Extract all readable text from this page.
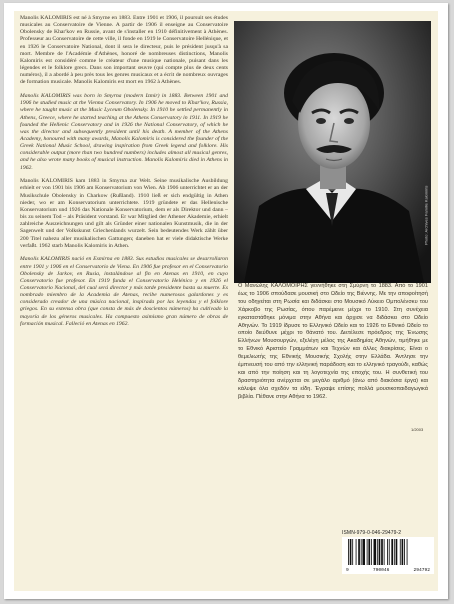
Manolis KALOMIRIS est né à Smyrne en 1883. Entre 1901 et 1906, il poursuit ses études musicales au Conservatoire de Vienne. A partir de 1906 il enseigne au Conservatoire Obolensky de Khar'kov en Russie, avant de s'installer en 1910 définitivement à Athènes. Professeur au Conservatoire de cette ville, il fonde en 1919 le Conservatoire Hellénique, et en 1926 le Conservatoire National, dont il sera le directeur, puis le président jusqu'à sa mort. Membre de l'Académie d'Athènes, honoré de nombreuses distinctions, Manolis Kalomiris est considéré comme le créateur d'une musique nationale, puisant dans les légendes et le folklore grecs. Dans son important œuvre (qui compte plus de deux cents numéros), il a abordé à peu près tous les genres musicaux et a écrit de nombreux ouvrages de formation musicale. Manolis Kalomiris est mort en 1962 à Athènes.

Manolis KALOMIRIS was born in Smyrna (modern Izmir) in 1883. Between 1901 and 1906 he studied music at the Vienna Conservatory. In 1906 he moved to Khar'kov, Russia, where he taught music at the Music Lyceum Obolensky. In 1910 he settled permanently in Athens, Greece, where he started teaching at the Athens Conservatory in 1911. In 1919 he founded the Hellenic Conservatory and in 1926 the National Conservatory, of which he was the director and subsequently president until his death. A member of the Athens Academy, honoured with many awards, Manolis Kalomiris is considered the founder of the Greek National Music School, drawing inspiration from Greek legend and folklore. His considerable output (more than two hundred numbers) includes almost all musical genres, and he also wrote many books of musical instruction. Manolis Kalomiris died in Athens in 1962.

Manolis KALOMIRIS kam 1883 in Smyrna zur Welt. Seine musikalische Ausbildung erhielt er von 1901 bis 1906 am Konservatorium von Wien. Ab 1906 unterrichtet er an der Musikschule Obolensky in Charkow (Rußland). 1910 ließ er sich endgültig in Athen nieder, wo er am Konservatorium unterrichtete. 1919 gründete er das Hellenische Konservatorium und 1926 das Nationale Konservatorium, dem er als Direktor und dann – bis zu seinem Tod – als Präsident vorstand. Er war Mitglied der Athener Akademie, erhielt zahlreiche Auszeichnungen und gilt als Gründer einer nationalen Kunstmusik, die in der Sagenwelt und der Volkskunst Griechenlands wurzelt. Sein bedeutendes Werk zählt über 200 Titel nahezu aller musikalischen Gattungen; daneben hat er viele didaktische Werke verfaßt. 1962 starb Manolis Kalomiris in Athen.

Manolis KALOMIRIS nació en Esmirna en 1883. Sus estudios musicales se desarrollaron entre 1901 y 1906 en el Conservatorio de Viena. En 1906 fue profesor en el Conservatorio Obolensky de Jarkov, en Rusia, instalándose al fin en Atenas en 1910, en cuyo Conservatorio fue profesor. En 1919 funda el Conservatorio Helénico y en 1926 el Conservatorio Nacional, del cual será director y más tarde presidente hasta su muerte. Es nombrado miembro de la Academia de Atenas, recibe numerosos galardones y es considerado creador de una música nacional, inspirada por las leyendas y el folklore griegos. En su extensa obra (que consta de más de doscientos números) ha cultivado la mayoría de los géneros musicales. Ha compuesto asimismo gran número de obras de formación musical. Falleció en Atenas en 1962.

Photo: Archives Famille Kalomiris
Ο Μανώλης ΚΑΛΟΜΟΙΡΗΣ γεννήθηκε στη Σμύρνη το 1883. Από το 1901 έως το 1906 σπούδασε μουσική στο Ωδείο της Βιέννης. Με την αποφοίτησή του οδηγείται στη Ρωσία και διδάσκει στο Μουσικό Λύκειο Ομπολένσκυ του Χάρκοβο της Ρωσίας, όπου παρέμεινε μέχρι το 1910. Στη συνέχεια εγκαταστάθηκε μόνιμα στην Αθήνα και άρχισε να διδάσκει στο Ωδείο Αθηνών. Το 1919 ίδρυσε το Ελληνικό Ωδείο και το 1926 το Εθνικό Ωδείο το οποίο διεύθυνε μέχρι το θάνατό του. Διετέλεσε πρόεδρος της Ένωσης Ελλήνων Μουσουργών, εξελέγη μέλος της Ακαδημίας Αθηνών, τιμήθηκε με το Εθνικό Αριστείο Γραμμάτων και Τεχνών και άλλες διακρίσεις. Είναι ο θεμελιωτής της Εθνικής Μουσικής Σχολής στην Ελλάδα. Άντλησε την έμπνευσή του από την ελληνική παράδοση και το ελληνικό τραγούδι, καθώς και από την ποίηση και τη λογοτεχνία της εποχής του. Η συνθετική του δραστηριότητα ανέρχεται σε μεγάλο αριθμό (άνω από διακόσια έργα) και κάλυψε όλα σχεδόν τα είδη. Έγραψε επίσης πολλά μουσικοπαιδαγωγικά βιβλία. Πέθανε στην Αθήνα το 1962.
1/2003
ISMN-979-0-046-29479-2
9	790046	294792
